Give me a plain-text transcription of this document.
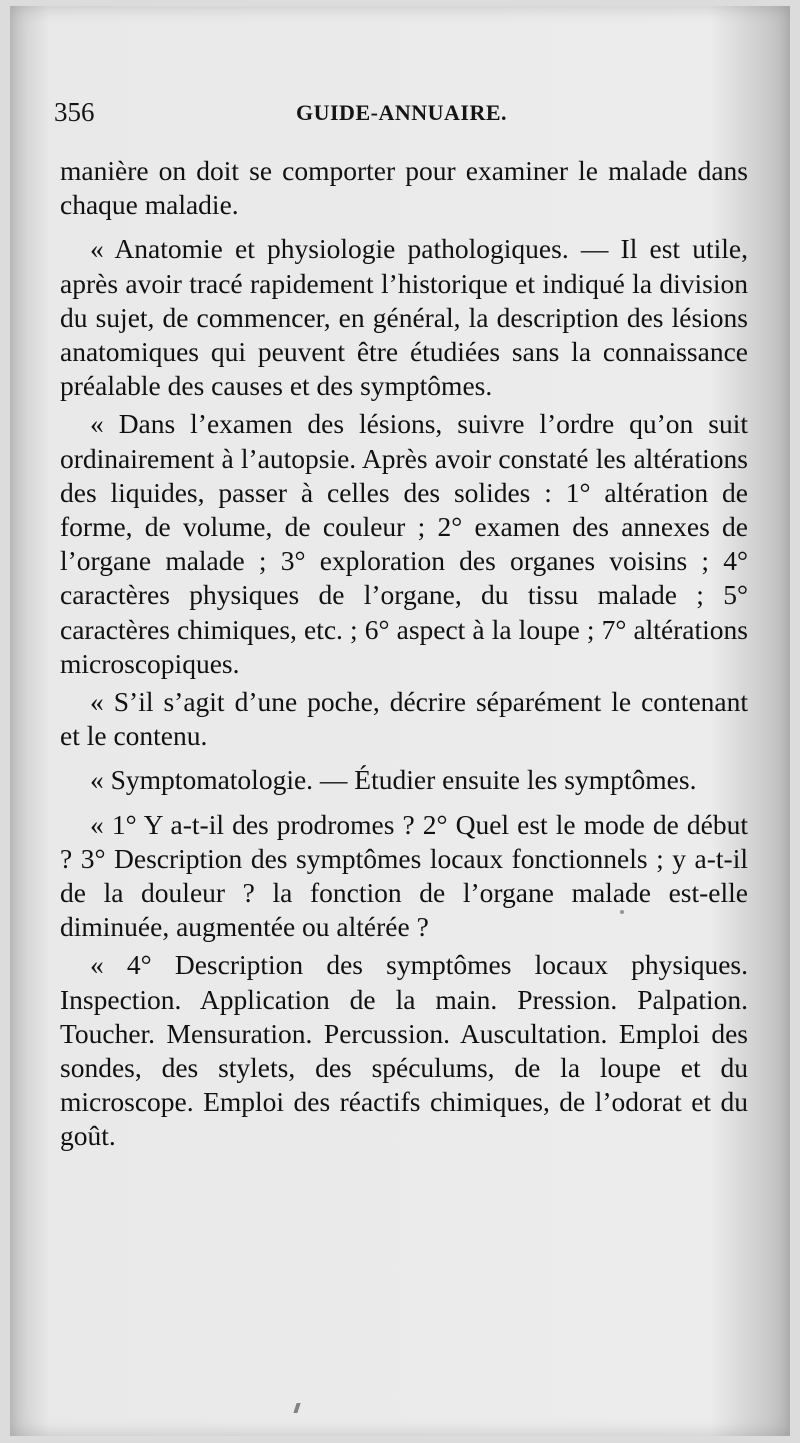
356	GUIDE-ANNUAIRE.

manière on doit se comporter pour examiner le malade dans chaque maladie.

« Anatomie et physiologie pathologiques. — Il est utile, après avoir tracé rapidement l’historique et indiqué la division du sujet, de commencer, en général, la description des lésions anatomiques qui peuvent être étudiées sans la connaissance préalable des causes et des symptômes.

« Dans l’examen des lésions, suivre l’ordre qu’on suit ordinairement à l’autopsie. Après avoir constaté les altérations des liquides, passer à celles des solides : 1° altération de forme, de volume, de couleur ; 2° examen des annexes de l’organe malade ; 3° exploration des organes voisins ; 4° caractères physiques de l’organe, du tissu malade ; 5° caractères chimiques, etc. ; 6° aspect à la loupe ; 7° altérations microscopiques.

« S’il s’agit d’une poche, décrire séparément le contenant et le contenu.

« Symptomatologie. — Étudier ensuite les symptômes.

« 1° Y a-t-il des prodromes ? 2° Quel est le mode de début ? 3° Description des symptômes locaux fonctionnels ; y a-t-il de la douleur ? la fonction de l’organe malade est-elle diminuée, augmentée ou altérée ?

« 4° Description des symptômes locaux physiques. Inspection. Application de la main. Pression. Palpation. Toucher. Mensuration. Percussion. Auscultation. Emploi des sondes, des stylets, des spéculums, de la loupe et du microscope. Emploi des réactifs chimiques, de l’odorat et du goût.
